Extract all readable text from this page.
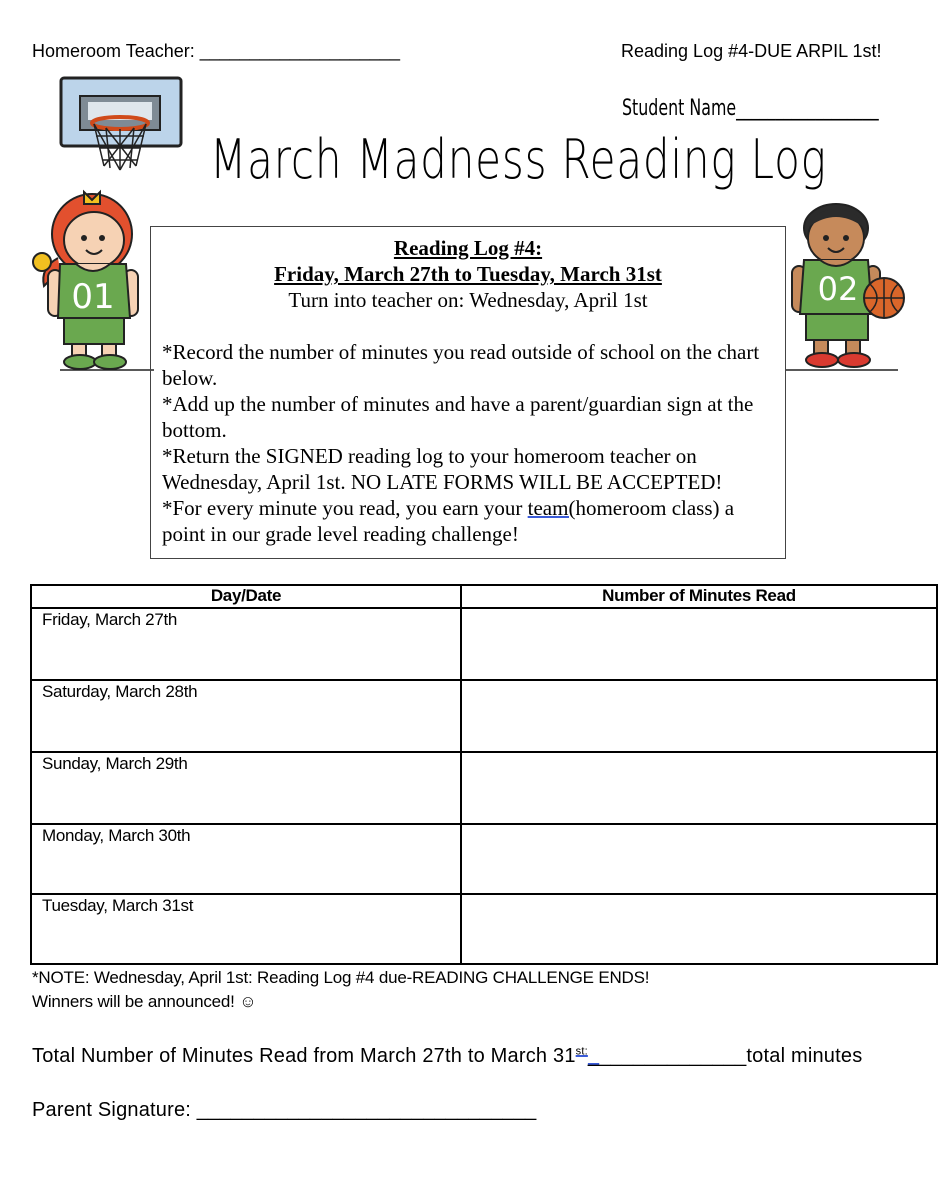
Homeroom Teacher: ____________________	Reading Log #4-DUE ARPIL 1st!
Student Name__________________
March Madness Reading Log
01	02

Reading Log #4:

Friday, March 27th to Tuesday, March 31st

Turn into teacher on: Wednesday, April 1st

*Record the number of minutes you read outside of school on the chart below.

*Add up the number of minutes and have a parent/guardian sign at the bottom.

*Return the SIGNED reading log to your homeroom teacher on Wednesday, April 1st. NO LATE FORMS WILL BE ACCEPTED!

*For every minute you read, you earn your team(homeroom class) a point in our grade level reading challenge!

Day/Date	Number of Minutes Read

Friday, March 27th	

Saturday, March 28th	

Sunday, March 29th	

Monday, March 30th	

Tuesday, March 31st	

*NOTE: Wednesday, April 1st: Reading Log #4 due-READING CHALLENGE ENDS!
Winners will be announced! ☺
Total Number of Minutes Read from March 27th to March $31^{st:}\_\_\_\_\_\_\_\_\_\_\_\_\_\_total$ minutes
Parent Signature: ______________________________
